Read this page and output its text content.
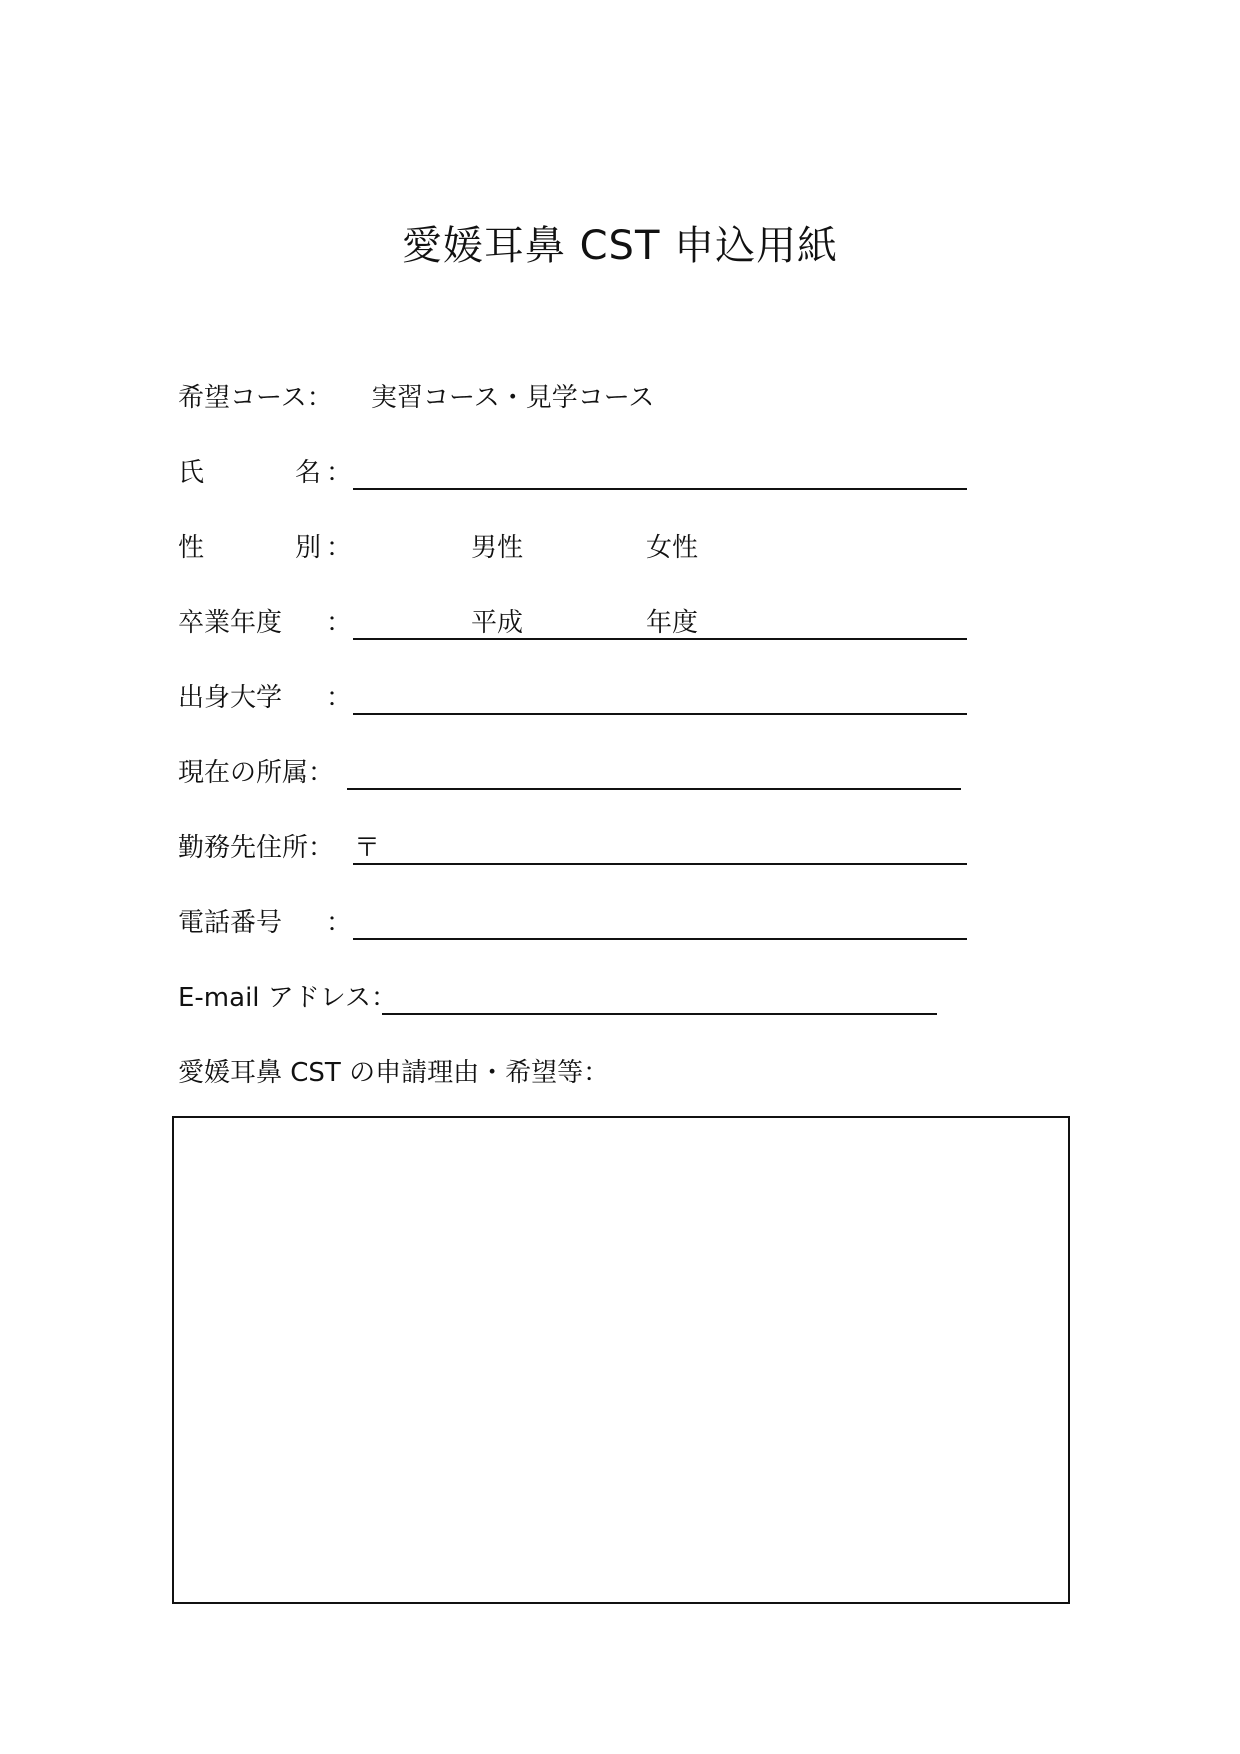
愛媛耳鼻 CST 申込用紙
希望コース： 実習コース・見学コース
氏	名 ：
性	別 ：	男性	女性
卒業年度 ：	平成	年度
出身大学 ：
現在の所属：
勤務先住所： 〒
電話番号 ：
E-mail アドレス：
愛媛耳鼻 CST の申請理由・希望等：
